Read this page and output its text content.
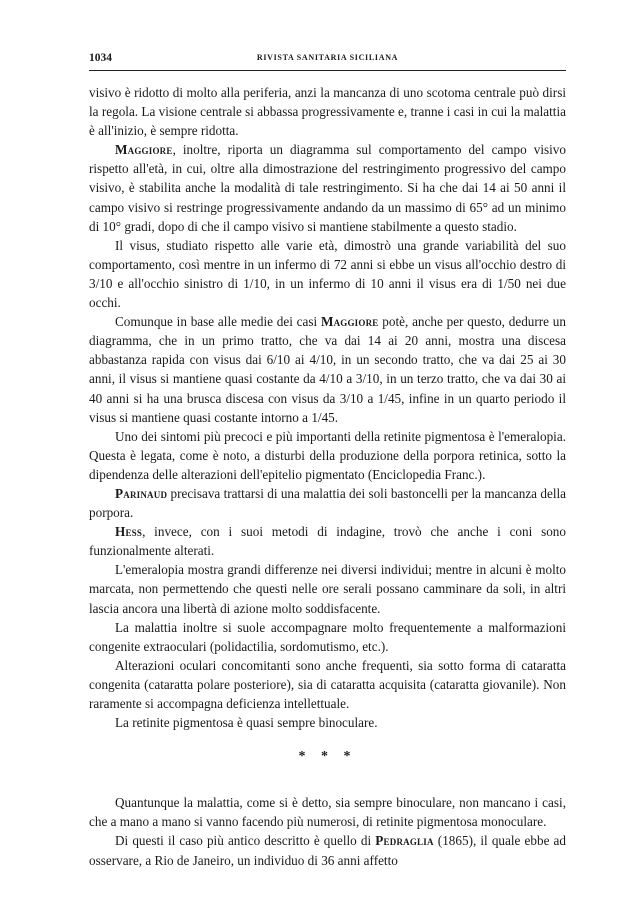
1034	RIVISTA SANITARIA SICILIANA

visivo è ridotto di molto alla periferia, anzi la mancanza di uno scotoma centrale può dirsi la regola. La visione centrale si abbassa progressivamente e, tranne i casi in cui la malattia è all'inizio, è sempre ridotta.

Maggiore, inoltre, riporta un diagramma sul comportamento del campo visivo rispetto all'età, in cui, oltre alla dimostrazione del restringimento progressivo del campo visivo, è stabilita anche la modalità di tale restringimento. Si ha che dai 14 ai 50 anni il campo visivo si restringe progressivamente andando da un massimo di 65° ad un minimo di 10° gradi, dopo di che il campo visivo si mantiene stabilmente a questo stadio.

Il visus, studiato rispetto alle varie età, dimostrò una grande variabilità del suo comportamento, così mentre in un infermo di 72 anni si ebbe un visus all'occhio destro di 3/10 e all'occhio sinistro di 1/10, in un infermo di 10 anni il visus era di 1/50 nei due occhi.

Comunque in base alle medie dei casi Maggiore potè, anche per questo, dedurre un diagramma, che in un primo tratto, che va dai 14 ai 20 anni, mostra una discesa abbastanza rapida con visus dai 6/10 ai 4/10, in un secondo tratto, che va dai 25 ai 30 anni, il visus si mantiene quasi costante da 4/10 a 3/10, in un terzo tratto, che va dai 30 ai 40 anni si ha una brusca discesa con visus da 3/10 a 1/45, infine in un quarto periodo il visus si mantiene quasi costante intorno a 1/45.

Uno dei sintomi più precoci e più importanti della retinite pigmentosa è l'emeralopia. Questa è legata, come è noto, a disturbi della produzione della porpora retinica, sotto la dipendenza delle alterazioni dell'epitelio pigmentato (Enciclopedia Franc.).

Parinaud precisava trattarsi di una malattia dei soli bastoncelli per la mancanza della porpora.

Hess, invece, con i suoi metodi di indagine, trovò che anche i coni sono funzionalmente alterati.

L'emeralopia mostra grandi differenze nei diversi individui; mentre in alcuni è molto marcata, non permettendo che questi nelle ore serali possano camminare da soli, in altri lascia ancora una libertà di azione molto soddisfacente.

La malattia inoltre si suole accompagnare molto frequentemente a malformazioni congenite extraoculari (polidactilia, sordomutismo, etc.).

Alterazioni oculari concomitanti sono anche frequenti, sia sotto forma di cataratta congenita (cataratta polare posteriore), sia di cataratta acquisita (cataratta giovanile). Non raramente si accompagna deficienza intellettuale.

La retinite pigmentosa è quasi sempre binoculare.

* * *

Quantunque la malattia, come si è detto, sia sempre binoculare, non mancano i casi, che a mano a mano si vanno facendo più numerosi, di retinite pigmentosa monoculare.

Di questi il caso più antico descritto è quello di Pedraglia (1865), il quale ebbe ad osservare, a Rio de Janeiro, un individuo di 36 anni affetto
